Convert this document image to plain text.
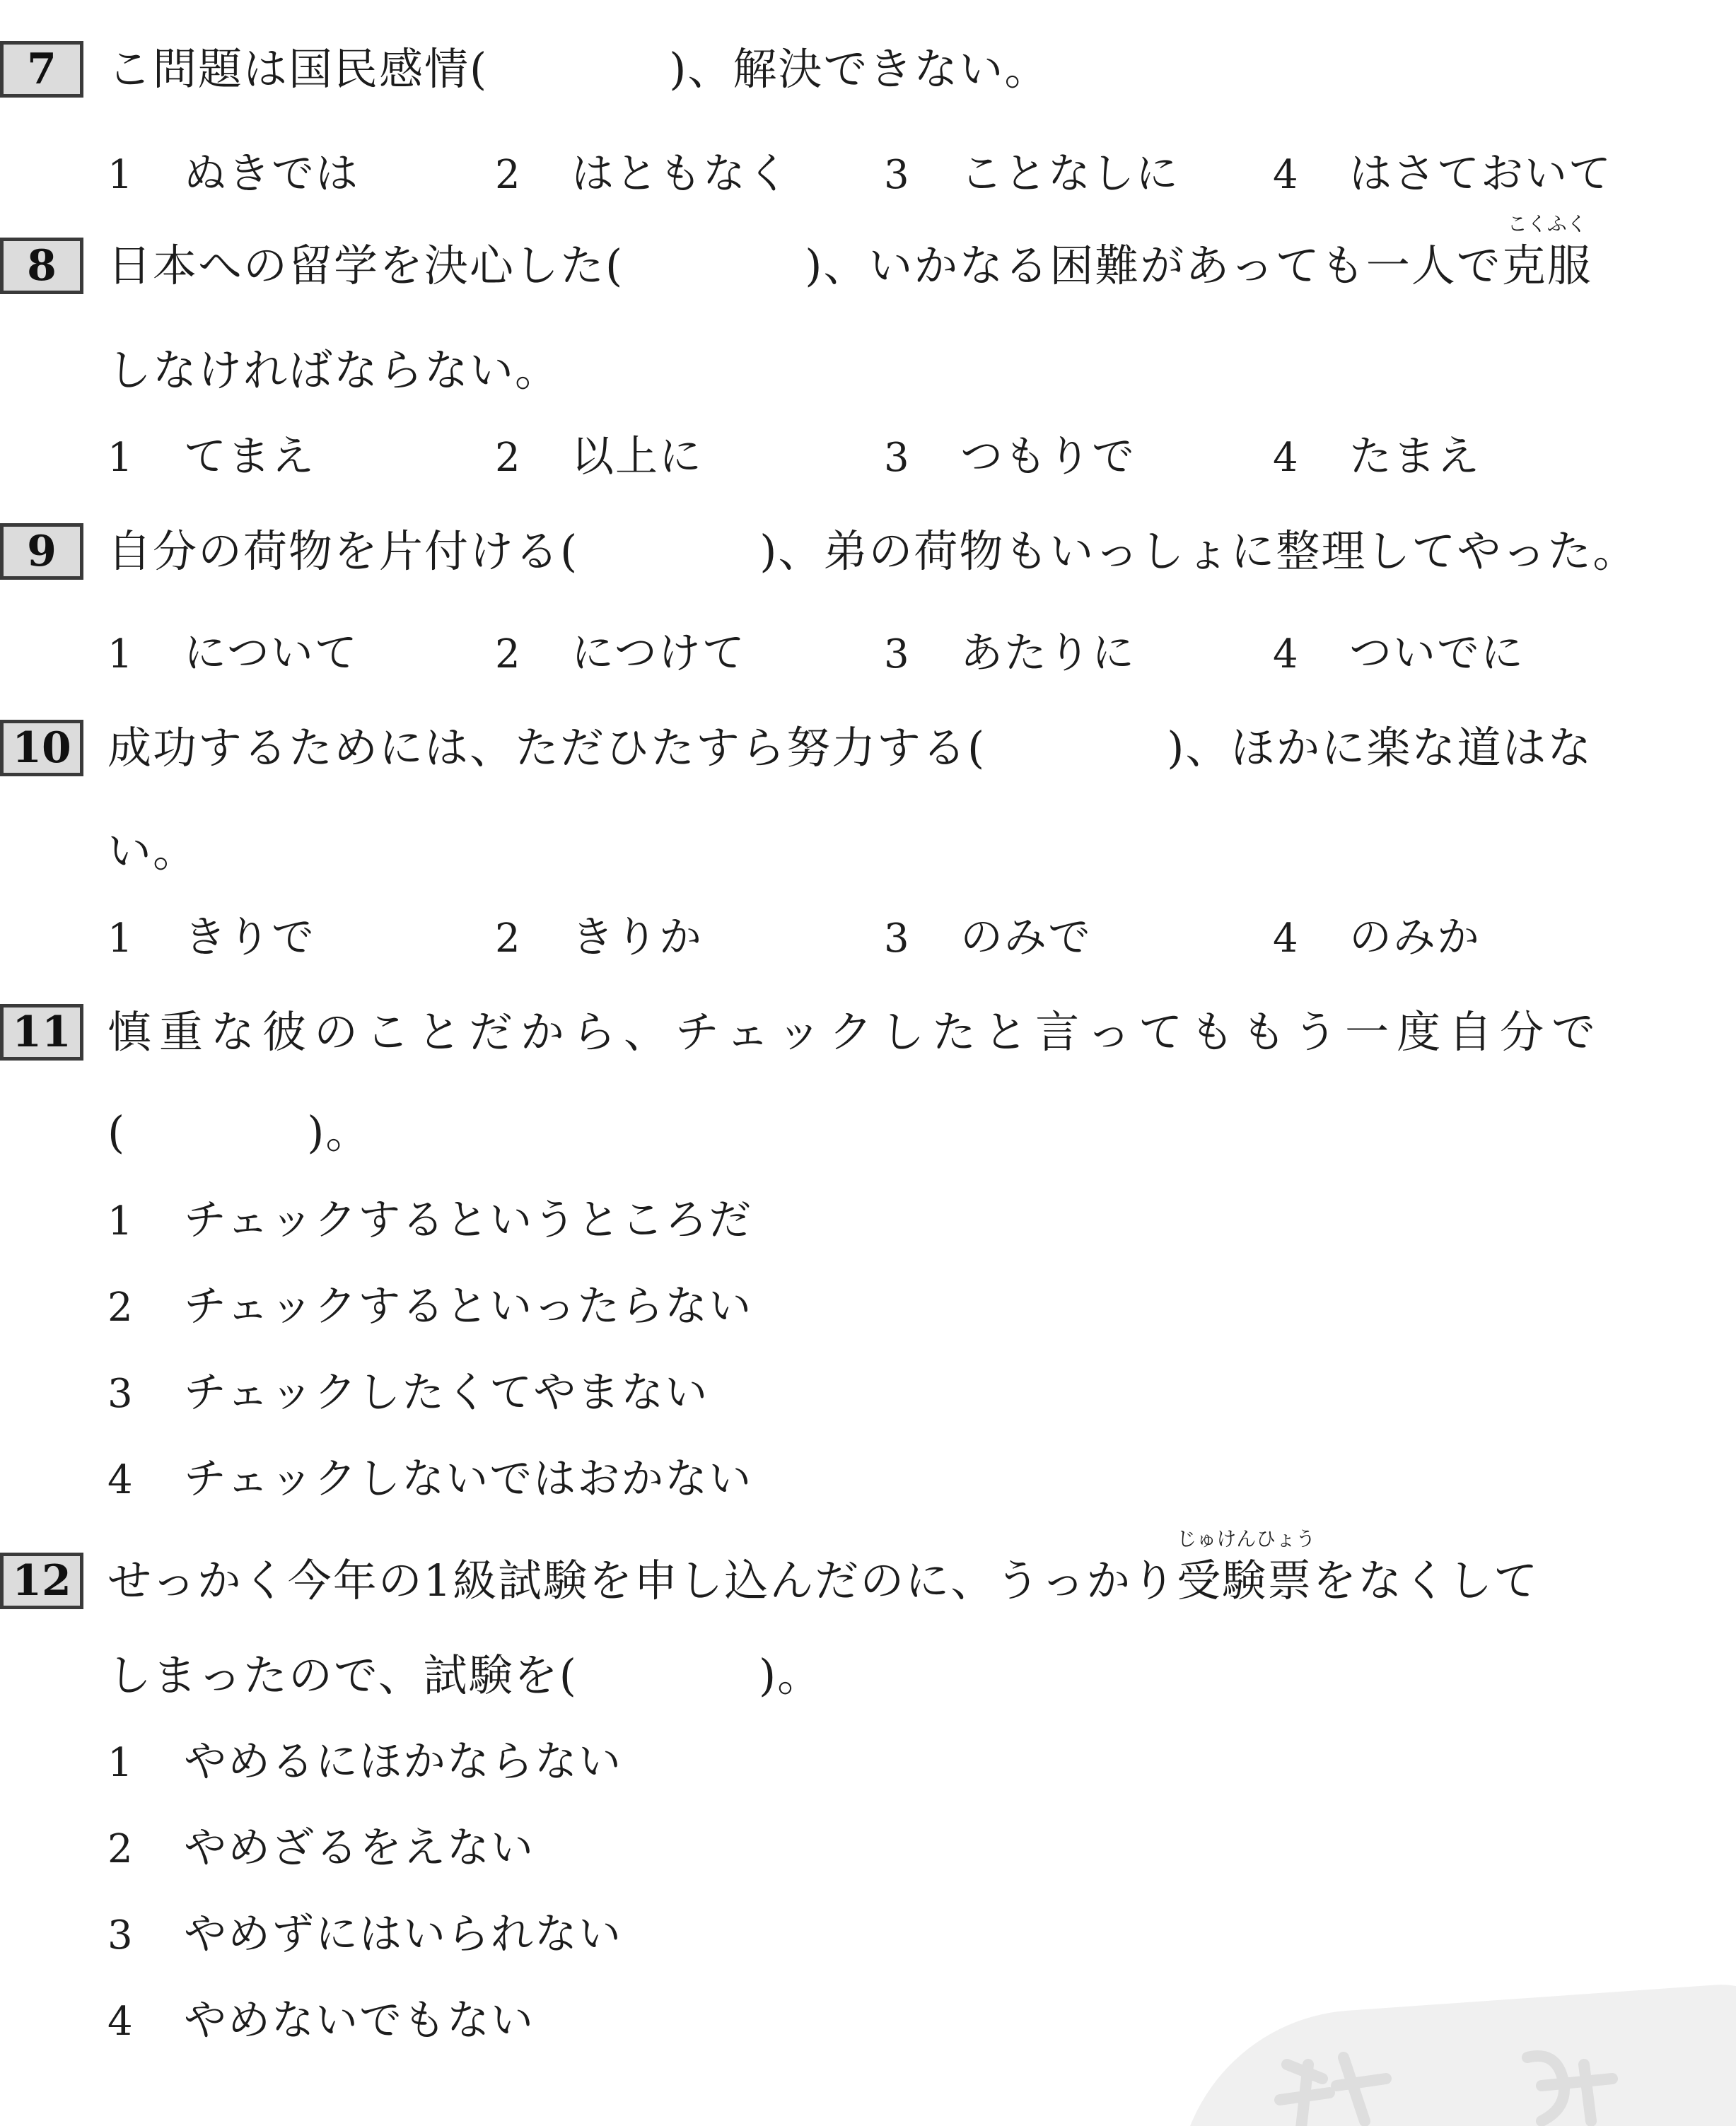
7	こ問題は国民感情(　　　　)、解決できない。
1 ぬきでは	2 はともなく 3 ことなしに 4 はさておいて
8	日本への留学を決心した(　　　　)、いかなる困難があっても一人で
こくふく
克服
しなければならない。
1 てまえ	2 以上に	3 つもりで	4 たまえ
9	自分の荷物を片付ける(　　　　)、弟の荷物もいっしょに整理してやった。
1 について	2 につけて	3 あたりに	4 ついでに
10 成功するためには、ただひたすら努力する(　　　　)、ほかに楽な道はな
い。
1 きりで	2 きりか	3 のみで	4 のみか
11 慎重な彼のことだから、チェックしたと言ってももう一度自分で
(　　　　)。
1 チェックするというところだ
2 チェックするといったらない
3 チェックしたくてやまない
4 チェックしないではおかない
12 せっかく今年の1級試験を申し込んだのに、うっかり
じゅけんひょう
受験票をなくして
しまったので、試験を(　　　　)。
1 やめるにほかならない
2 やめざるをえない
3 やめずにはいられない
4 やめないでもない
